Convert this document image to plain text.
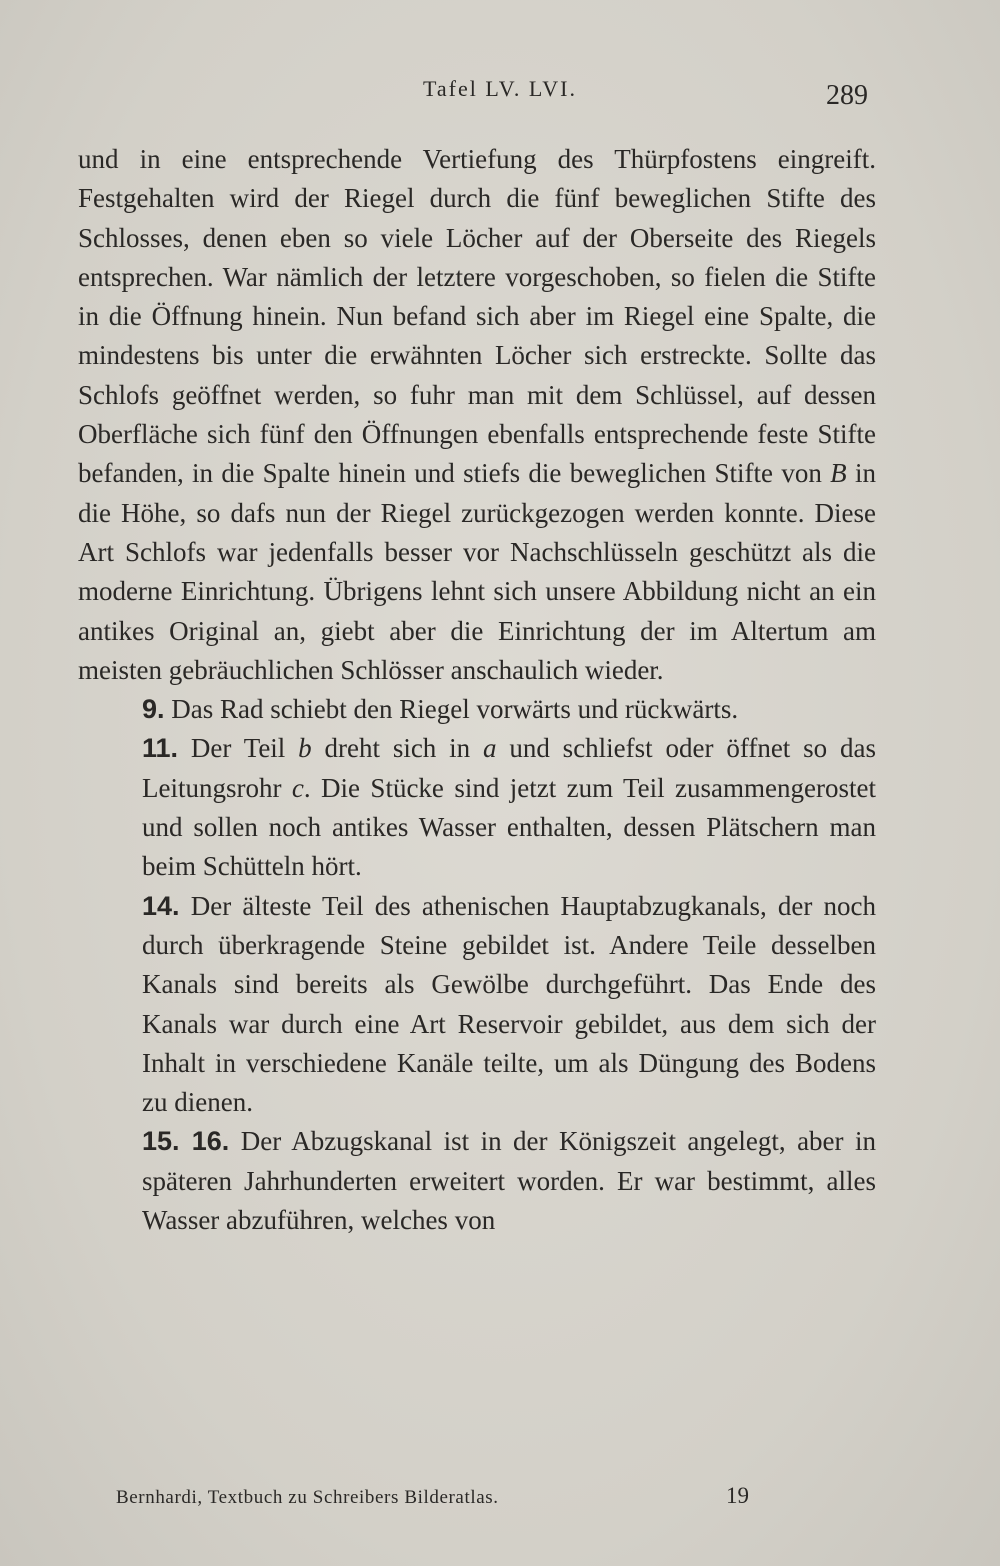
Tafel LV. LVI.	289

und in eine entsprechende Vertiefung des Thürpfostens eingreift. Festgehalten wird der Riegel durch die fünf beweglichen Stifte des Schlosses, denen eben so viele Löcher auf der Oberseite des Riegels entsprechen. War nämlich der letztere vorgeschoben, so fielen die Stifte in die Öffnung hinein. Nun befand sich aber im Riegel eine Spalte, die mindestens bis unter die erwähnten Löcher sich erstreckte. Sollte das Schlofs geöffnet werden, so fuhr man mit dem Schlüssel, auf dessen Oberfläche sich fünf den Öffnungen ebenfalls entsprechende feste Stifte befanden, in die Spalte hinein und stiefs die beweglichen Stifte von B in die Höhe, so dafs nun der Riegel zurückgezogen werden konnte. Diese Art Schlofs war jedenfalls besser vor Nachschlüsseln geschützt als die moderne Einrichtung. Übrigens lehnt sich unsere Abbildung nicht an ein antikes Original an, giebt aber die Einrichtung der im Altertum am meisten gebräuchlichen Schlösser anschaulich wieder.

9. Das Rad schiebt den Riegel vorwärts und rückwärts.

11. Der Teil b dreht sich in a und schliefst oder öffnet so das Leitungsrohr c. Die Stücke sind jetzt zum Teil zusammengerostet und sollen noch antikes Wasser enthalten, dessen Plätschern man beim Schütteln hört.

14. Der älteste Teil des athenischen Hauptabzugkanals, der noch durch überkragende Steine gebildet ist. Andere Teile desselben Kanals sind bereits als Gewölbe durchgeführt. Das Ende des Kanals war durch eine Art Reservoir gebildet, aus dem sich der Inhalt in verschiedene Kanäle teilte, um als Düngung des Bodens zu dienen.

15. 16. Der Abzugskanal ist in der Königszeit angelegt, aber in späteren Jahrhunderten erweitert worden. Er war bestimmt, alles Wasser abzuführen, welches von

Bernhardi, Textbuch zu Schreibers Bilderatlas.	19
